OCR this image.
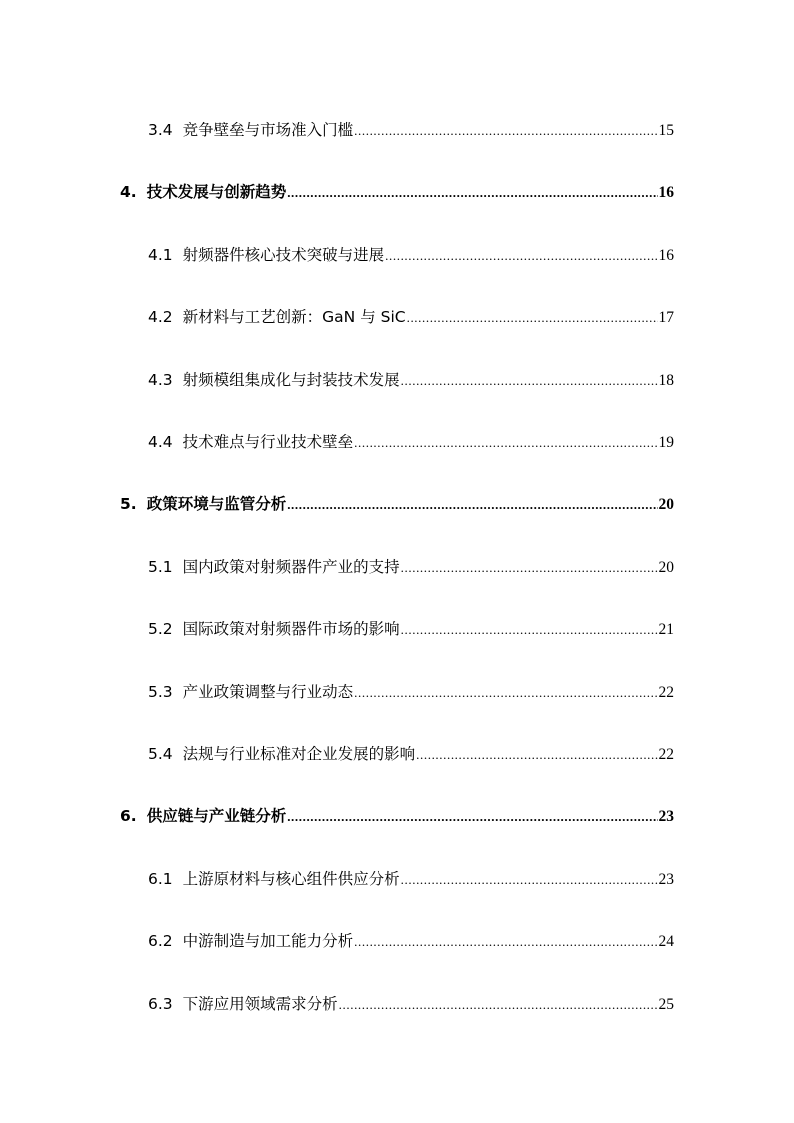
3.4 竞争壁垒与市场准入门槛 .....	15
4. 技术发展与创新趋势 .....	16
4.1 射频器件核心技术突破与进展 .....	16
4.2 新材料与工艺创新：GaN 与 SiC .....	17
4.3 射频模组集成化与封装技术发展 .....	18
4.4 技术难点与行业技术壁垒 .....	19
5. 政策环境与监管分析 .....	20
5.1 国内政策对射频器件产业的支持 .....	20
5.2 国际政策对射频器件市场的影响 .....	21
5.3 产业政策调整与行业动态 .....	22
5.4 法规与行业标准对企业发展的影响 .....	22
6. 供应链与产业链分析 .....	23
6.1 上游原材料与核心组件供应分析 .....	23
6.2 中游制造与加工能力分析 .....	24
6.3 下游应用领域需求分析 .....	25
